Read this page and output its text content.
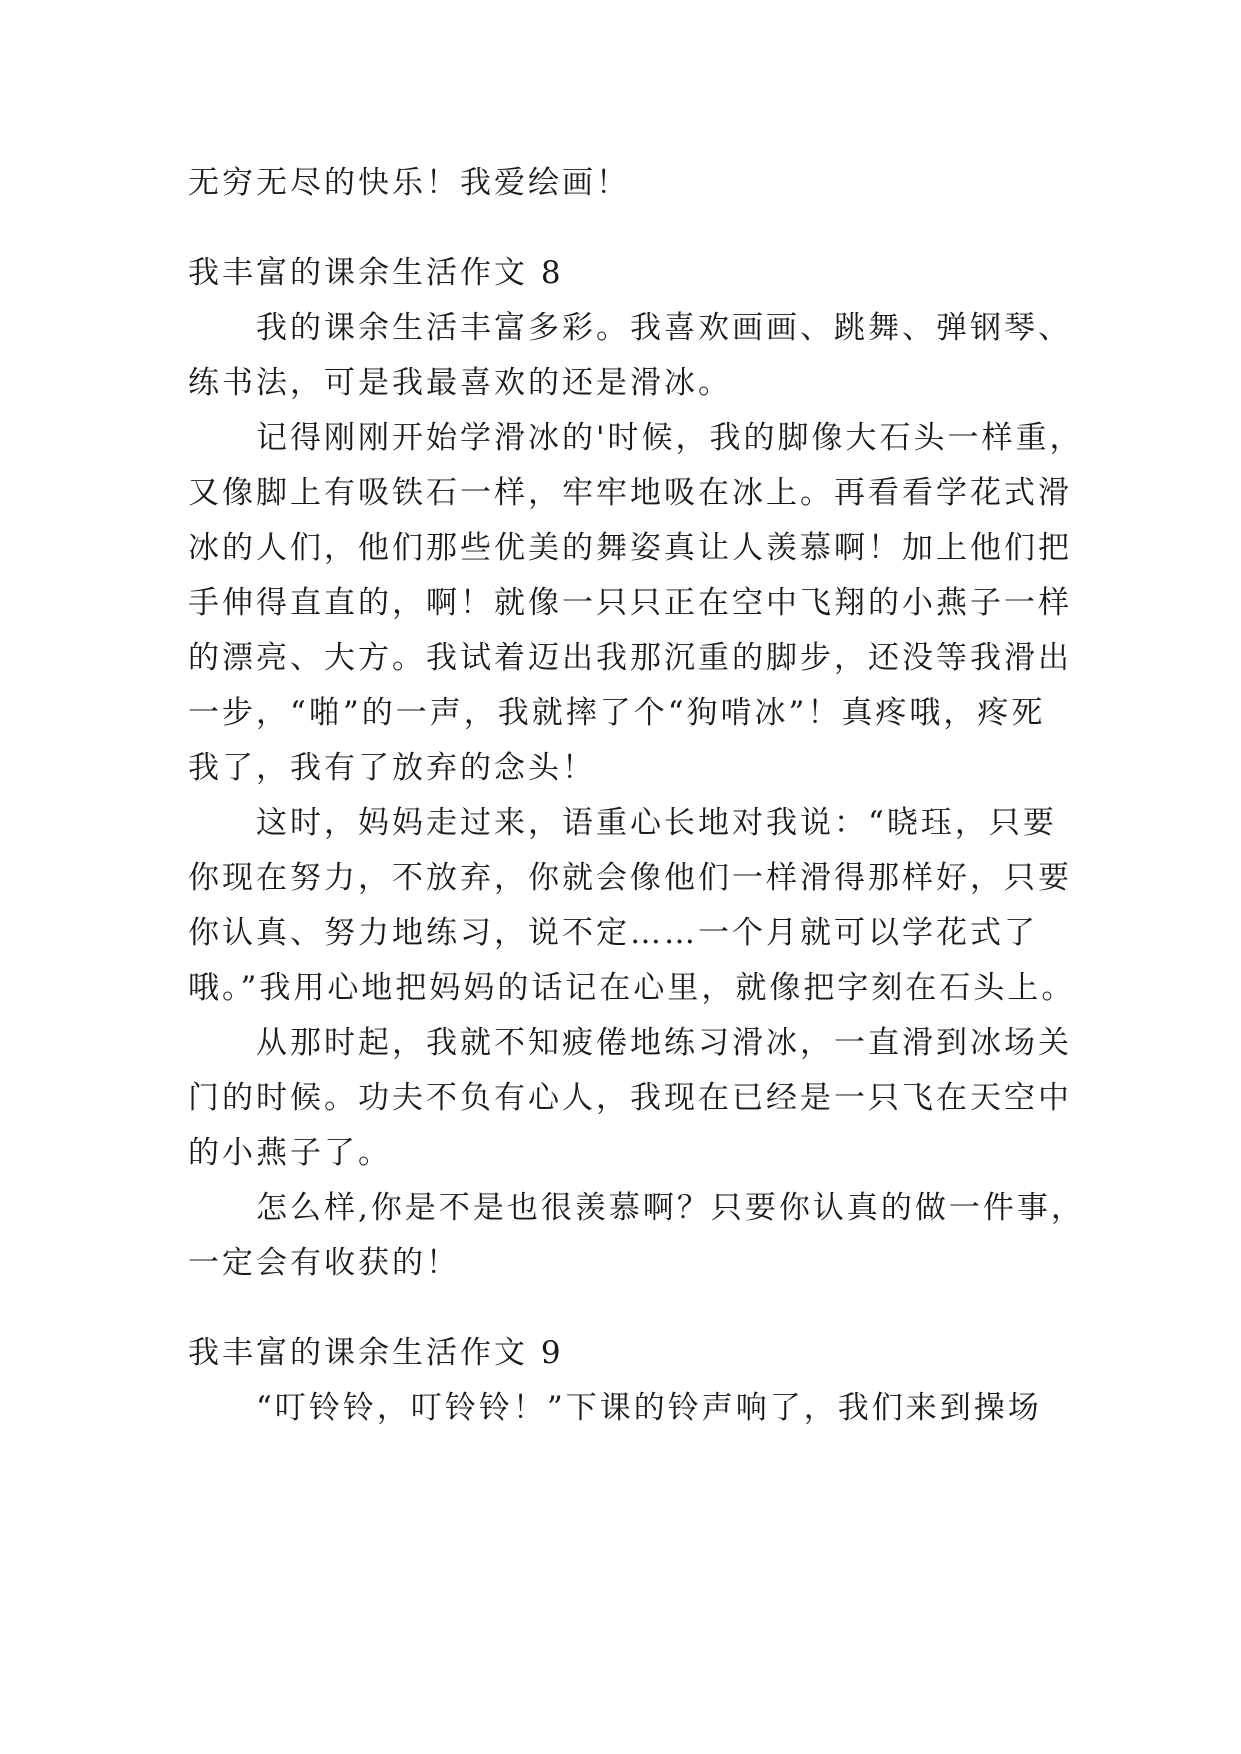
无穷无尽的快乐！我爱绘画！
我丰富的课余生活作文 8
我的课余生活丰富多彩。我喜欢画画、跳舞、弹钢琴、
练书法，可是我最喜欢的还是滑冰。
记得刚刚开始学滑冰的'时候，我的脚像大石头一样重，
又像脚上有吸铁石一样，牢牢地吸在冰上。再看看学花式滑
冰的人们，他们那些优美的舞姿真让人羡慕啊！加上他们把
手伸得直直的，啊！就像一只只正在空中飞翔的小燕子一样
的漂亮、大方。我试着迈出我那沉重的脚步，还没等我滑出
一步，“啪”的一声，我就摔了个“狗啃冰”！真疼哦，疼死
我了，我有了放弃的念头！
这时，妈妈走过来，语重心长地对我说：“晓珏，只要
你现在努力，不放弃，你就会像他们一样滑得那样好，只要
你认真、努力地练习，说不定……一个月就可以学花式了
哦。”我用心地把妈妈的话记在心里，就像把字刻在石头上。
从那时起，我就不知疲倦地练习滑冰，一直滑到冰场关
门的时候。功夫不负有心人，我现在已经是一只飞在天空中
的小燕子了。
怎么样,你是不是也很羡慕啊？只要你认真的做一件事，
一定会有收获的！
我丰富的课余生活作文 9
“叮铃铃，叮铃铃！”下课的铃声响了，我们来到操场
